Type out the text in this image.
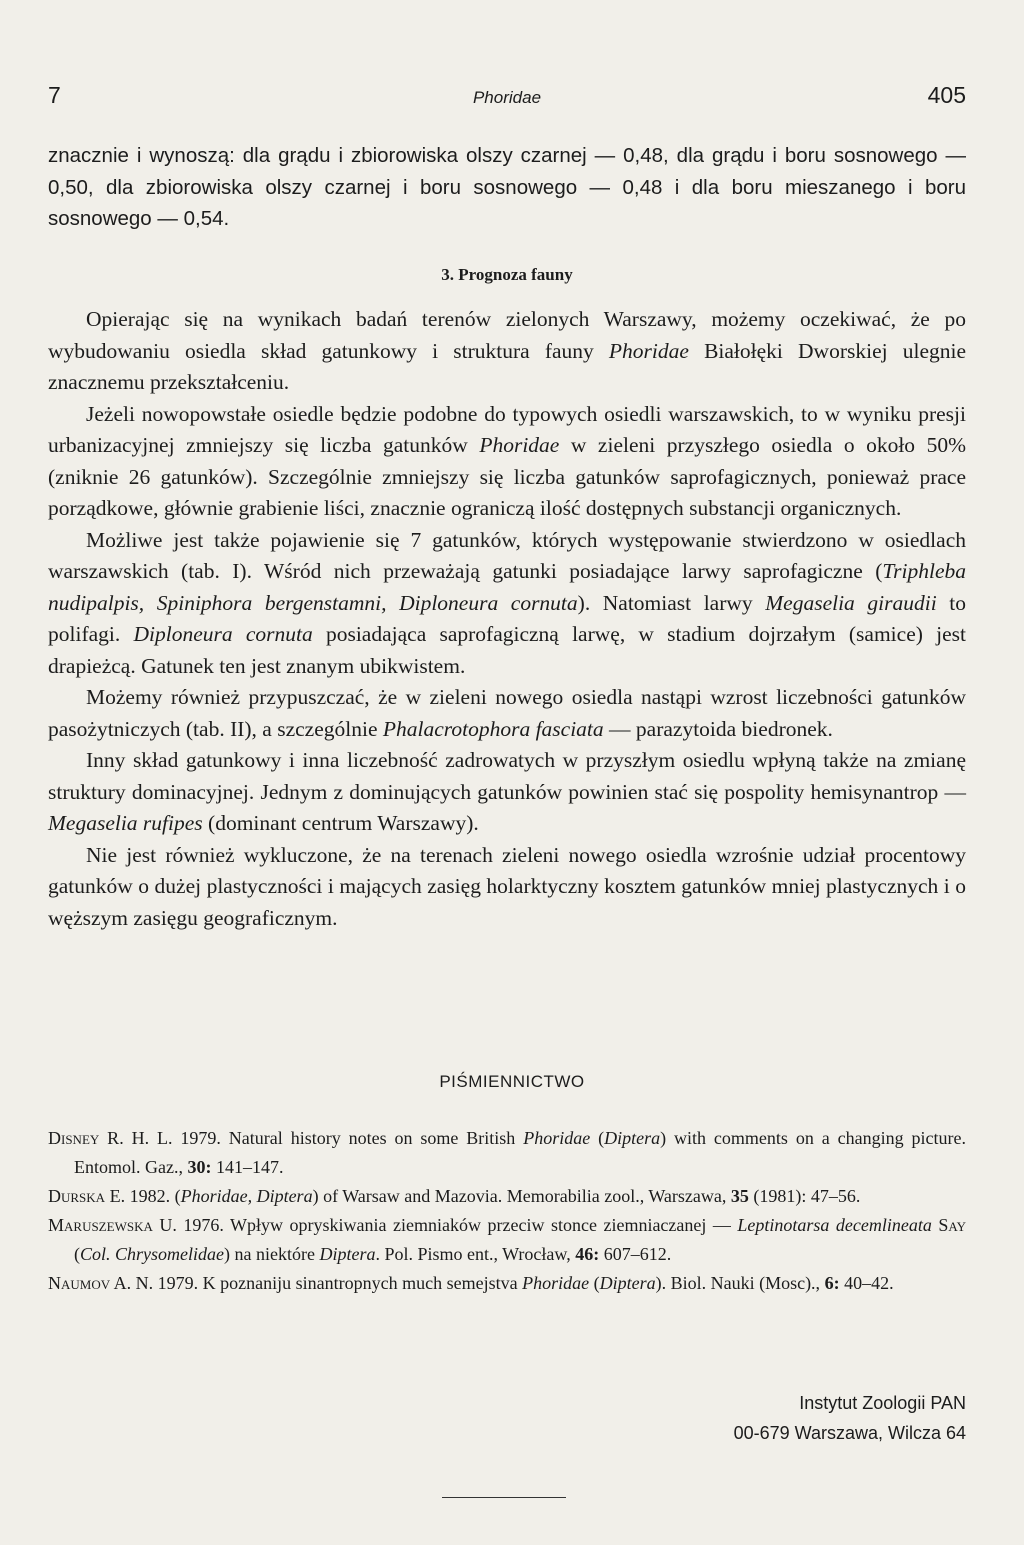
7	Phoridae	405

znacznie i wynoszą: dla grądu i zbiorowiska olszy czarnej — 0,48, dla grądu i boru sosnowego — 0,50, dla zbiorowiska olszy czarnej i boru sosnowego — 0,48 i dla boru mieszanego i boru sosnowego — 0,54.

3. Prognoza fauny

Opierając się na wynikach badań terenów zielonych Warszawy, możemy oczekiwać, że po wybudowaniu osiedla skład gatunkowy i struktura fauny Phoridae Białołęki Dworskiej ulegnie znacznemu przekształceniu.

Jeżeli nowopowstałe osiedle będzie podobne do typowych osiedli warszawskich, to w wyniku presji urbanizacyjnej zmniejszy się liczba gatunków Phoridae w zieleni przyszłego osiedla o około 50% (zniknie 26 gatunków). Szczególnie zmniejszy się liczba gatunków saprofagicznych, ponieważ prace porządkowe, głównie grabienie liści, znacznie ograniczą ilość dostępnych substancji organicznych.

Możliwe jest także pojawienie się 7 gatunków, których występowanie stwierdzono w osiedlach warszawskich (tab. I). Wśród nich przeważają gatunki posiadające larwy saprofagiczne (Triphleba nudipalpis, Spiniphora bergenstamni, Diploneura cornuta). Natomiast larwy Megaselia giraudii to polifagi. Diploneura cornuta posiadająca saprofagiczną larwę, w stadium dojrzałym (samice) jest drapieżcą. Gatunek ten jest znanym ubikwistem.

Możemy również przypuszczać, że w zieleni nowego osiedla nastąpi wzrost liczebności gatunków pasożytniczych (tab. II), a szczególnie Phalacrotophora fasciata — parazytoida biedronek.

Inny skład gatunkowy i inna liczebność zadrowatych w przyszłym osiedlu wpłyną także na zmianę struktury dominacyjnej. Jednym z dominujących gatunków powinien stać się pospolity hemisynantrop — Megaselia rufipes (dominant centrum Warszawy).

Nie jest również wykluczone, że na terenach zieleni nowego osiedla wzrośnie udział procentowy gatunków o dużej plastyczności i mających zasięg holarktyczny kosztem gatunków mniej plastycznych i o węższym zasięgu geograficznym.

PIŚMIENNICTWO
Disney R. H. L. 1979. Natural history notes on some British Phoridae (Diptera) with comments on a changing picture. Entomol. Gaz., 30: 141–147.
Durska E. 1982. (Phoridae, Diptera) of Warsaw and Mazovia. Memorabilia zool., Warszawa, 35 (1981): 47–56.
Maruszewska U. 1976. Wpływ opryskiwania ziemniaków przeciw stonce ziemniaczanej — Leptinotarsa decemlineata Say (Col. Chrysomelidae) na niektóre Diptera. Pol. Pismo ent., Wrocław, 46: 607–612.
Naumov A. N. 1979. K poznaniju sinantropnych much semejstva Phoridae (Diptera). Biol. Nauki (Mosc)., 6: 40–42.
Instytut Zoologii PAN
00-679 Warszawa, Wilcza 64
